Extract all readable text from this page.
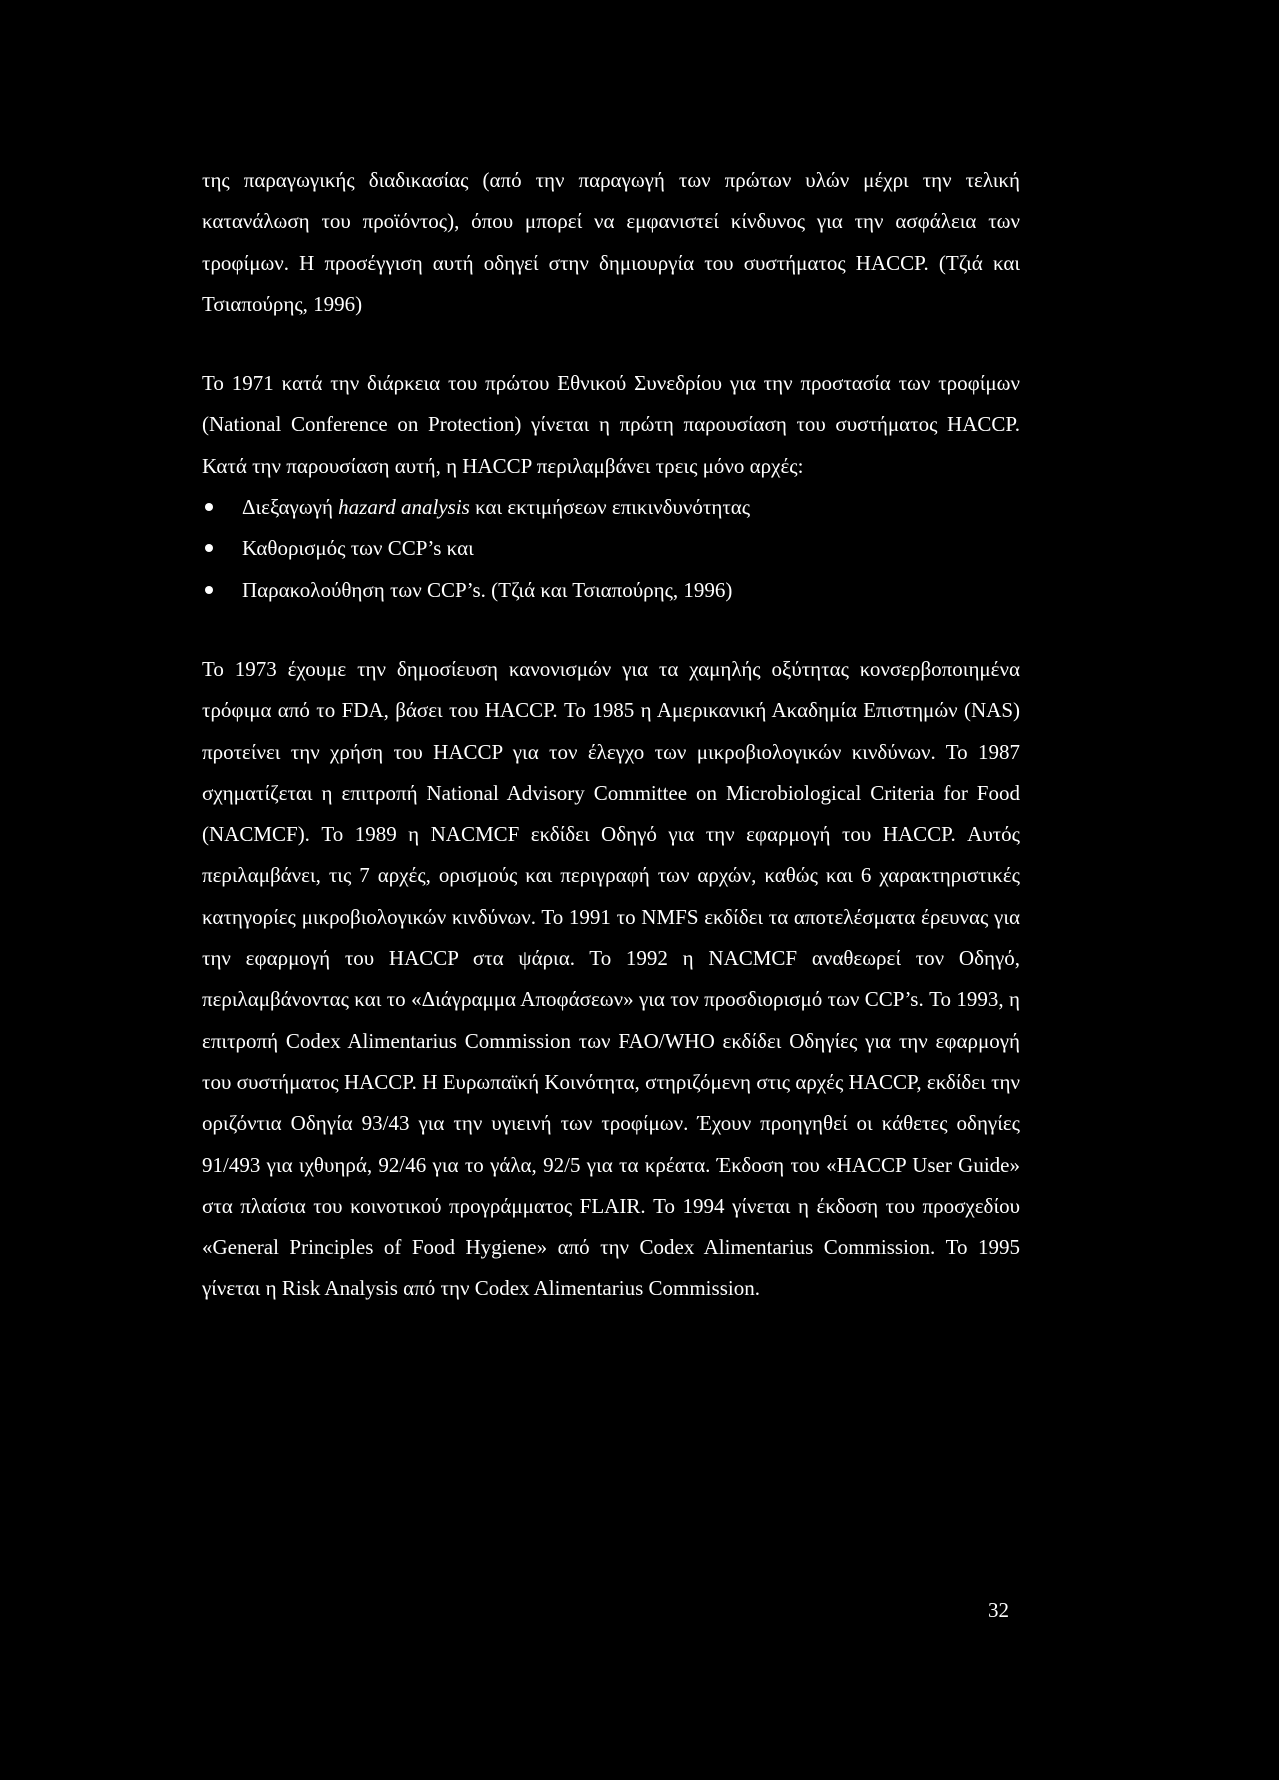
της παραγωγικής διαδικασίας (από την παραγωγή των πρώτων υλών μέχρι την τελική κατανάλωση του προϊόντος), όπου μπορεί να εμφανιστεί κίνδυνος για την ασφάλεια των τροφίμων. Η προσέγγιση αυτή οδηγεί στην δημιουργία του συστήματος HACCP. (Τζιά και Τσιαπούρης, 1996)

Το 1971 κατά την διάρκεια του πρώτου Εθνικού Συνεδρίου για την προστασία των τροφίμων (National Conference on Protection) γίνεται η πρώτη παρουσίαση του συστήματος HACCP. Κατά την παρουσίαση αυτή, η HACCP περιλαμβάνει τρεις μόνο αρχές:

Διεξαγωγή hazard analysis και εκτιμήσεων επικινδυνότητας
Καθορισμός των CCP’s και
Παρακολούθηση των CCP’s. (Τζιά και Τσιαπούρης, 1996)

Το 1973 έχουμε την δημοσίευση κανονισμών για τα χαμηλής οξύτητας κονσερβοποιημένα τρόφιμα από το FDA, βάσει του HACCP. Το 1985 η Αμερικανική Ακαδημία Επιστημών (NAS) προτείνει την χρήση του HACCP για τον έλεγχο των μικροβιολογικών κινδύνων. Το 1987 σχηματίζεται η επιτροπή National Advisory Committee on Microbiological Criteria for Food (NACMCF). Το 1989 η NACMCF εκδίδει Οδηγό για την εφαρμογή του HACCP. Αυτός περιλαμβάνει, τις 7 αρχές, ορισμούς και περιγραφή των αρχών, καθώς και 6 χαρακτηριστικές κατηγορίες μικροβιολογικών κινδύνων. Το 1991 το NMFS εκδίδει τα αποτελέσματα έρευνας για την εφαρμογή του HACCP στα ψάρια. Το 1992 η NACMCF αναθεωρεί τον Οδηγό, περιλαμβάνοντας και το «Διάγραμμα Αποφάσεων» για τον προσδιορισμό των CCP’s. Το 1993, η επιτροπή Codex Alimentarius Commission των FAO/WHO εκδίδει Οδηγίες για την εφαρμογή του συστήματος HACCP. Η Ευρωπαϊκή Κοινότητα, στηριζόμενη στις αρχές HACCP, εκδίδει την οριζόντια Οδηγία 93/43 για την υγιεινή των τροφίμων. Έχουν προηγηθεί οι κάθετες οδηγίες 91/493 για ιχθυηρά, 92/46 για το γάλα, 92/5 για τα κρέατα. Έκδοση του «HACCP User Guide» στα πλαίσια του κοινοτικού προγράμματος FLAIR. Το 1994 γίνεται η έκδοση του προσχεδίου «General Principles of Food Hygiene» από την Codex Alimentarius Commission. Το 1995 γίνεται η Risk Analysis από την Codex Alimentarius Commission.

32
